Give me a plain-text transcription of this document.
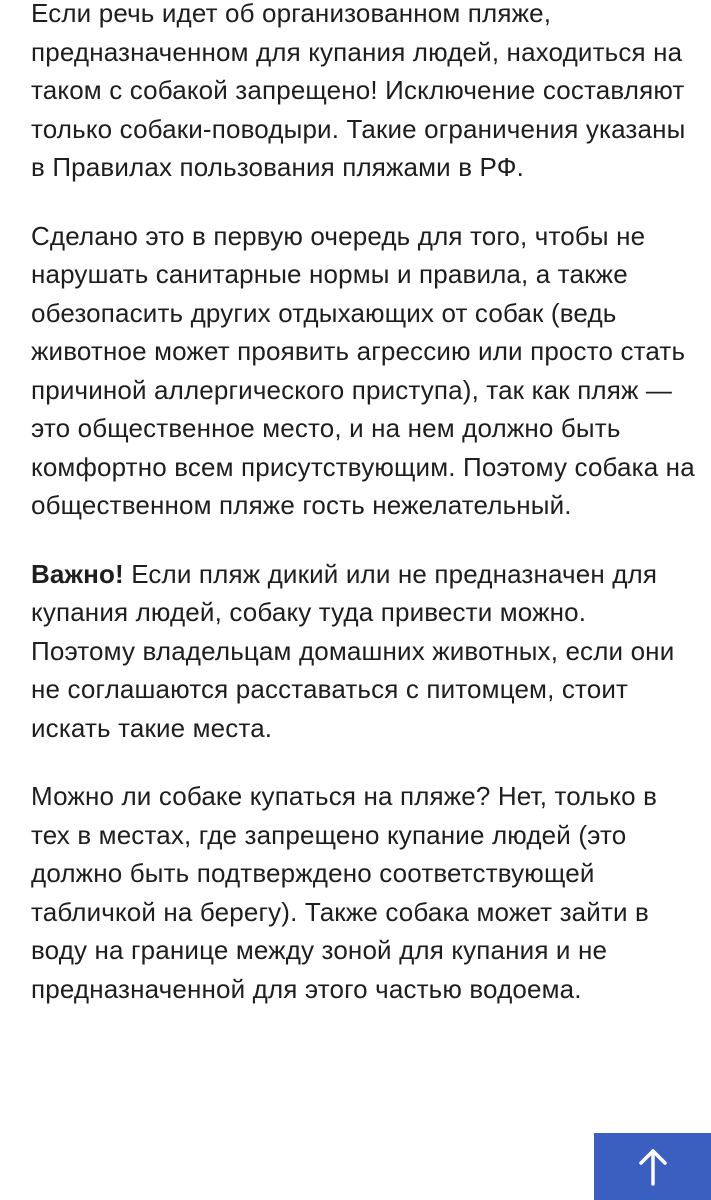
Если речь идет об организованном пляже, предназначенном для купания людей, находиться на таком с собакой запрещено! Исключение составляют только собаки-поводыри. Такие ограничения указаны в Правилах пользования пляжами в РФ.

Сделано это в первую очередь для того, чтобы не нарушать санитарные нормы и правила, а также обезопасить других отдыхающих от собак (ведь животное может проявить агрессию или просто стать причиной аллергического приступа), так как пляж — это общественное место, и на нем должно быть комфортно всем присутствующим. Поэтому собака на общественном пляже гость нежелательный.

Важно! Если пляж дикий или не предназначен для купания людей, собаку туда привести можно. Поэтому владельцам домашних животных, если они не соглашаются расставаться с питомцем, стоит искать такие места.

Можно ли собаке купаться на пляже? Нет, только в тех в местах, где запрещено купание людей (это должно быть подтверждено соответствующей табличкой на берегу). Также собака может зайти в воду на границе между зоной для купания и не предназначенной для этого частью водоема.
